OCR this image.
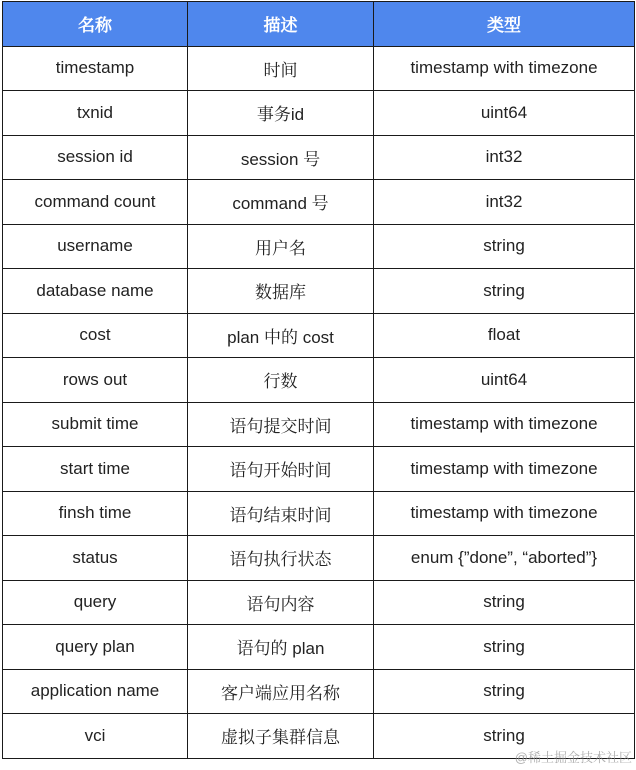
名称	描述	类型
timestamp	时间	timestamp with timezone
txnid	事务id	uint64
session id	session 号	int32
command count	command 号	int32
username	用户名	string
database name	数据库	string
cost	plan 中的 cost	float
rows out	行数	uint64
submit time	语句提交时间	timestamp with timezone
start time	语句开始时间	timestamp with timezone
finsh time	语句结束时间	timestamp with timezone
status	语句执行状态	enum {”done”, “aborted”}
query	语句内容	string
query plan	语句的 plan	string
application name	客户端应用名称	string
vci	虚拟子集群信息	string
@稀土掘金技术社区
